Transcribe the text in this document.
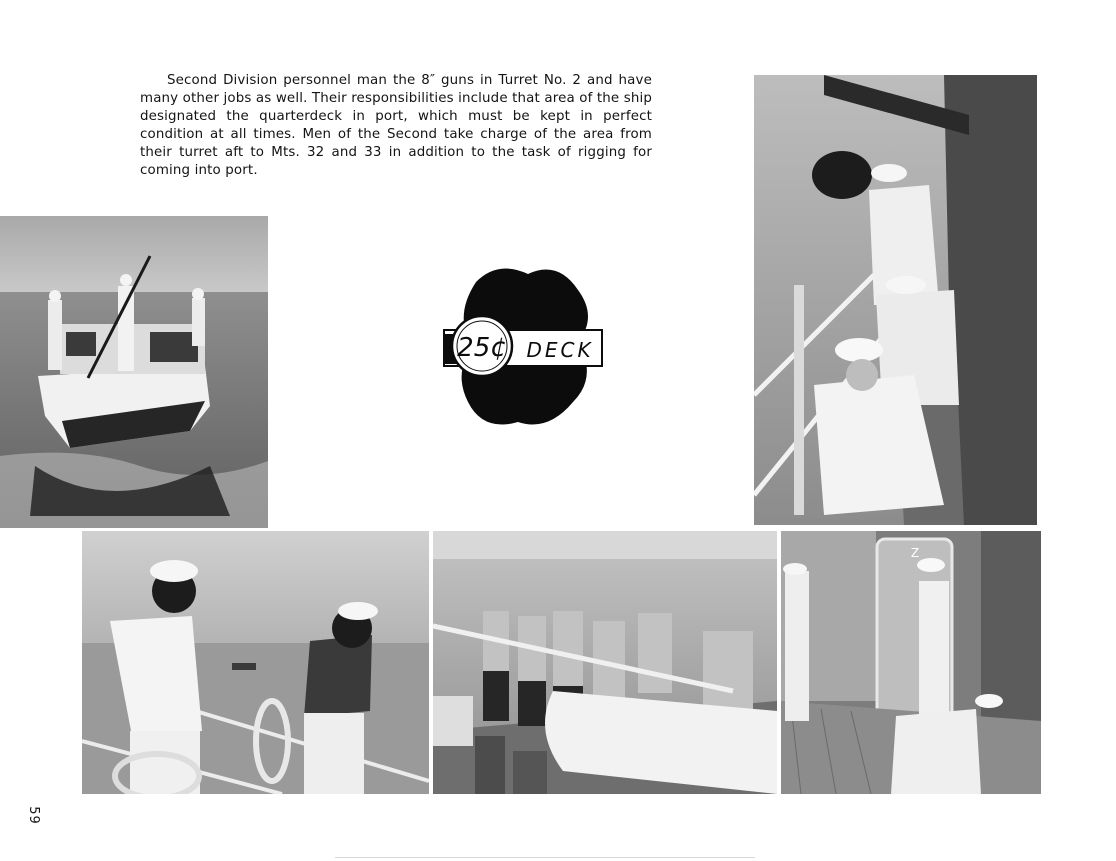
Second Division personnel man the 8″ guns in Turret No. 2 and have many other jobs as well. Their responsibilities include that area of the ship designated the quarterdeck in port, which must be kept in perfect condition at all times. Men of the Second take charge of the area from their turret aft to Mts. 32 and 33 in addition to the task of rigging for coming into port.

25¢ DECK
Z
59
